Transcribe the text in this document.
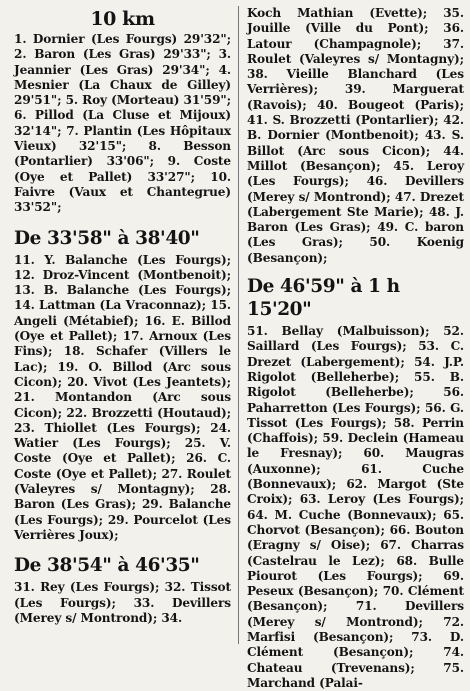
10 km

1. Dornier (Les Fourgs) 29'32"; 2. Baron (Les Gras) 29'33"; 3. Jeannier (Les Gras) 29'34"; 4. Mesnier (La Chaux de Gilley) 29'51"; 5. Roy (Morteau) 31'59"; 6. Pillod (La Cluse et Mijoux) 32'14"; 7. Plantin (Les Hôpitaux Vieux) 32'15"; 8. Besson (Pontarlier) 33'06"; 9. Coste (Oye et Pallet) 33'27"; 10. Faivre (Vaux et Chantegrue) 33'52";

De 33'58" à 38'40"

11. Y. Balanche (Les Fourgs); 12. Droz-Vincent (Montbenoit); 13. B. Balanche (Les Fourgs); 14. Lattman (La Vraconnaz); 15. Angeli (Métabief); 16. E. Billod (Oye et Pallet); 17. Arnoux (Les Fins); 18. Schafer (Villers le Lac); 19. O. Billod (Arc sous Cicon); 20. Vivot (Les Jeantets); 21. Montandon (Arc sous Cicon); 22. Brozzetti (Houtaud); 23. Thiollet (Les Fourgs); 24. Watier (Les Fourgs); 25. V. Coste (Oye et Pallet); 26. C. Coste (Oye et Pallet); 27. Roulet (Valeyres s/ Montagny); 28. Baron (Les Gras); 29. Balanche (Les Fourgs); 29. Pourcelot (Les Verrières Joux);

De 38'54" à 46'35"

31. Rey (Les Fourgs); 32. Tissot (Les Fourgs); 33. Devillers (Merey s/ Montrond); 34.

Koch Mathian (Evette); 35. Jouille (Ville du Pont); 36. Latour (Champagnole); 37. Roulet (Valeyres s/ Montagny); 38. Vieille Blanchard (Les Verrières); 39. Marguerat (Ravois); 40. Bougeot (Paris); 41. S. Brozzetti (Pontarlier); 42. B. Dornier (Montbenoit); 43. S. Billot (Arc sous Cicon); 44. Millot (Besançon); 45. Leroy (Les Fourgs); 46. Devillers (Merey s/ Montrond); 47. Drezet (Labergement Ste Marie); 48. J. Baron (Les Gras); 49. C. baron (Les Gras); 50. Koenig (Besançon);

De 46'59" à 1 h 15'20"

51. Bellay (Malbuisson); 52. Saillard (Les Fourgs); 53. C. Drezet (Labergement); 54. J.P. Rigolot (Belleherbe); 55. B. Rigolot (Belleherbe); 56. Paharretton (Les Fourgs); 56. G. Tissot (Les Fourgs); 58. Perrin (Chaffois); 59. Declein (Hameau le Fresnay); 60. Maugras (Auxonne); 61. Cuche (Bonnevaux); 62. Margot (Ste Croix); 63. Leroy (Les Fourgs); 64. M. Cuche (Bonnevaux); 65. Chorvot (Besançon); 66. Bouton (Eragny s/ Oise); 67. Charras (Castelrau le Lez); 68. Bulle Piourot (Les Fourgs); 69. Peseux (Besançon); 70. Clément (Besançon); 71. Devillers (Merey s/ Montrond); 72. Marfisi (Besançon); 73. D. Clément (Besançon); 74. Chateau (Trevenans); 75. Marchand (Palai-
